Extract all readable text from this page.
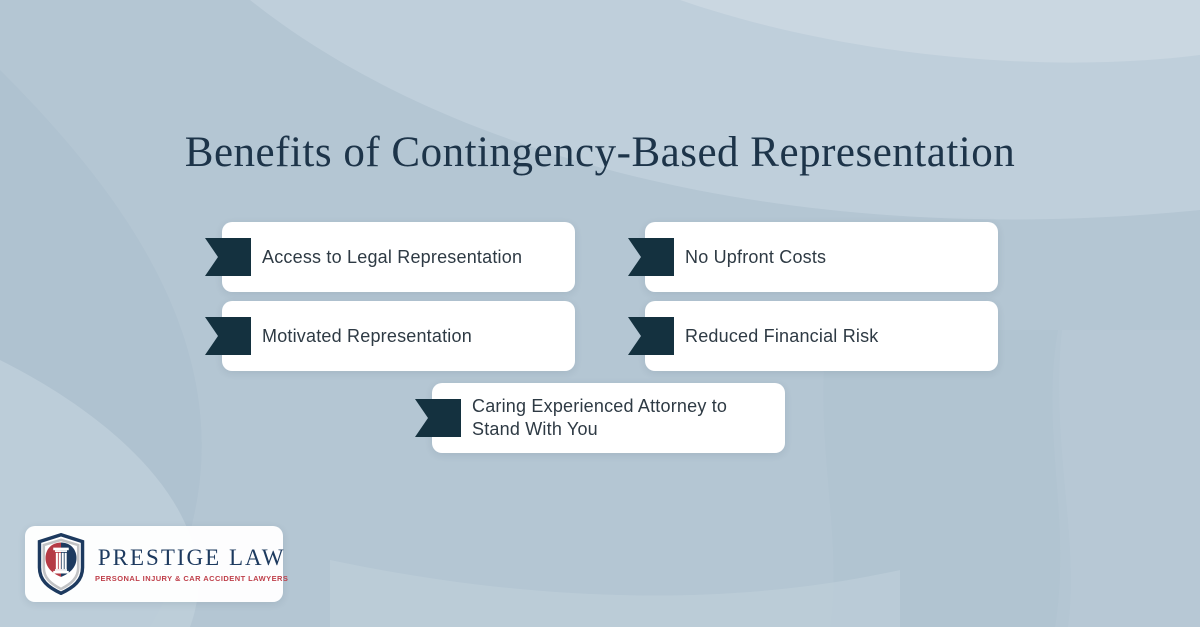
Benefits of Contingency-Based Representation
Access to Legal Representation	No Upfront Costs
Motivated Representation	Reduced Financial Risk
Caring Experienced Attorney to Stand With You
PRESTIGE LAW
PERSONAL INJURY & CAR ACCIDENT LAWYERS
